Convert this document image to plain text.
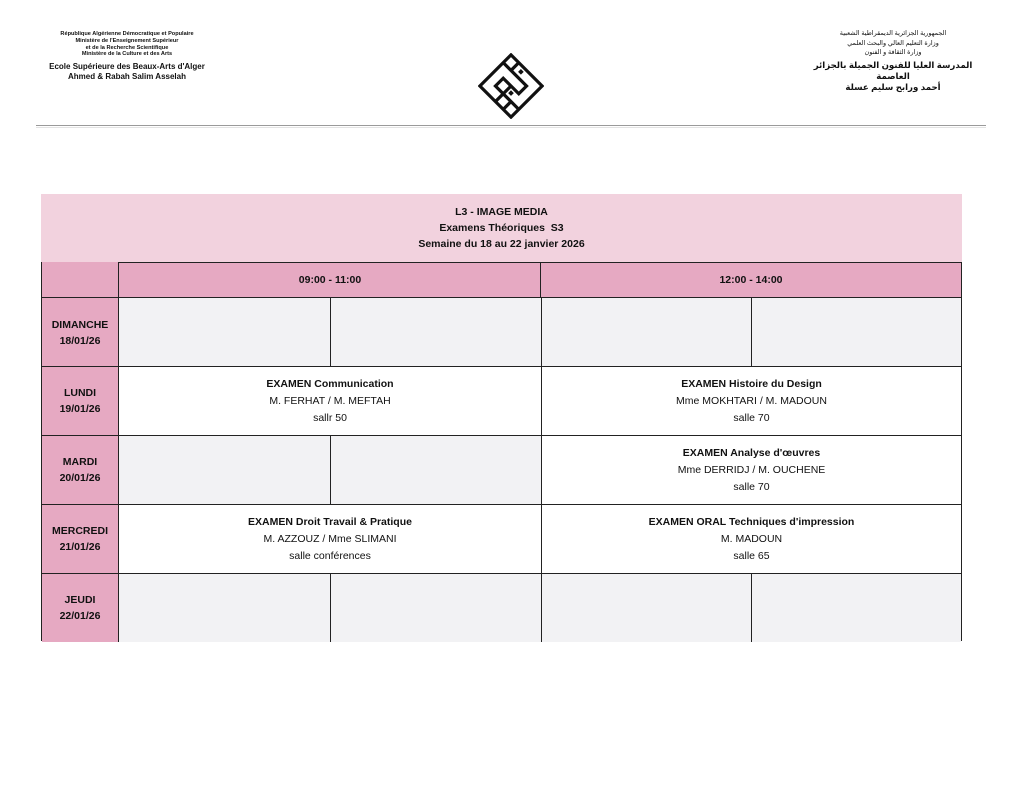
République Algérienne Démocratique et Populaire
Ministère de l'Enseignement Supérieur
et de la Recherche Scientifique
Ministère de la Culture et des Arts
Ecole Supérieure des Beaux-Arts d'Alger
Ahmed & Rabah Salim Asselah
الجمهورية الجزائرية الديمقراطية الشعبية
وزارة التعليم العالي والبحث العلمي
وزارة الثقافة و الفنون
المدرسة العليا للفنون الجميلة بالجزائر العاصمة
أحمد ورابح سليم عسلة
L3 - IMAGE MEDIA
Examens Théoriques  S3
Semaine du 18 au 22 janvier 2026
09:00 - 11:00	12:00 - 14:00
DIMANCHE
18/01/26
LUNDI
19/01/26
EXAMEN Communication
M. FERHAT / M. MEFTAH
sallr 50
EXAMEN Histoire du Design
Mme MOKHTARI / M. MADOUN
salle 70
MARDI
20/01/26
EXAMEN Analyse d'œuvres
Mme DERRIDJ / M. OUCHENE
salle 70
MERCREDI
21/01/26
EXAMEN Droit Travail & Pratique
M. AZZOUZ / Mme SLIMANI
salle conférences
EXAMEN ORAL Techniques d'impression
M. MADOUN
salle 65
JEUDI
22/01/26
